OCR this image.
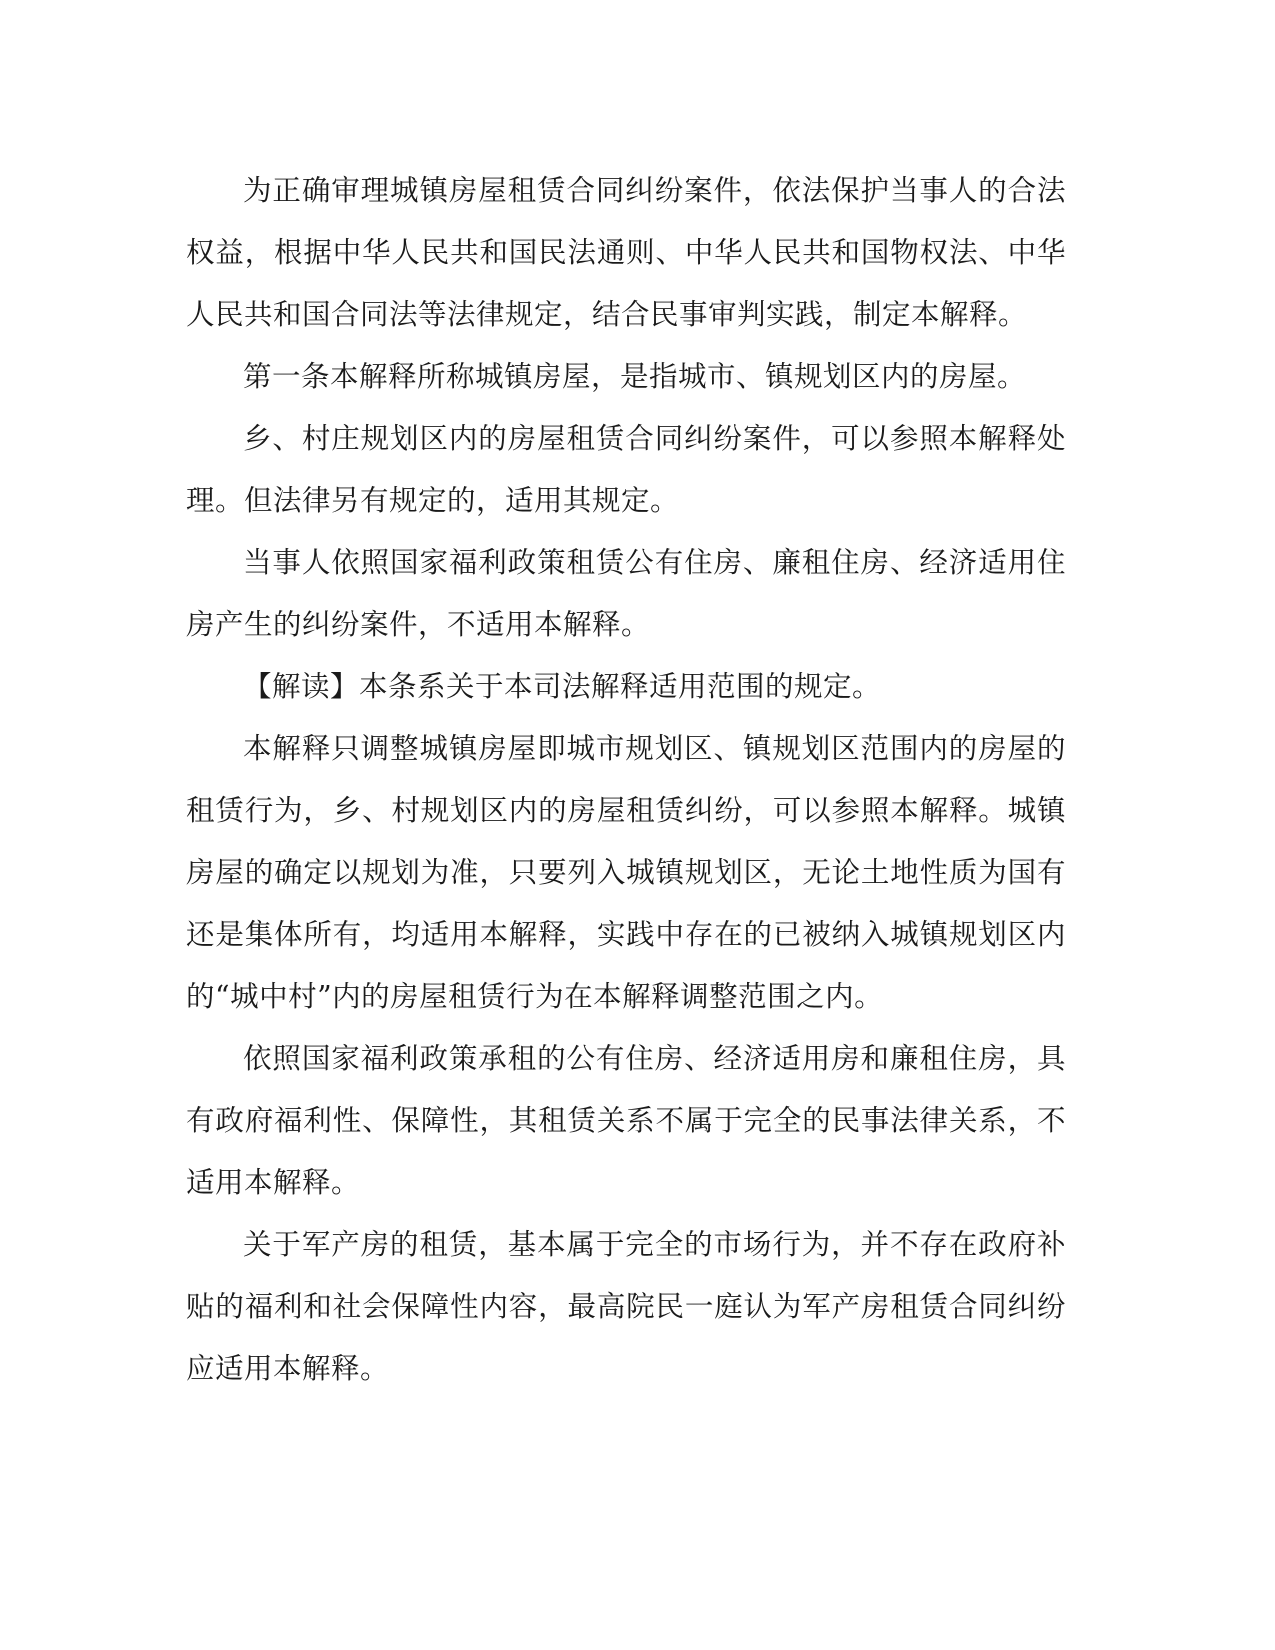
为正确审理城镇房屋租赁合同纠纷案件，依法保护当事人的合法权益，根据中华人民共和国民法通则、中华人民共和国物权法、中华人民共和国合同法等法律规定，结合民事审判实践，制定本解释。

第一条本解释所称城镇房屋，是指城市、镇规划区内的房屋。

乡、村庄规划区内的房屋租赁合同纠纷案件，可以参照本解释处理。但法律另有规定的，适用其规定。

当事人依照国家福利政策租赁公有住房、廉租住房、经济适用住房产生的纠纷案件，不适用本解释。

【解读】本条系关于本司法解释适用范围的规定。

本解释只调整城镇房屋即城市规划区、镇规划区范围内的房屋的租赁行为，乡、村规划区内的房屋租赁纠纷，可以参照本解释。城镇房屋的确定以规划为准，只要列入城镇规划区，无论土地性质为国有还是集体所有，均适用本解释，实践中存在的已被纳入城镇规划区内的“城中村”内的房屋租赁行为在本解释调整范围之内。

依照国家福利政策承租的公有住房、经济适用房和廉租住房，具有政府福利性、保障性，其租赁关系不属于完全的民事法律关系，不适用本解释。

关于军产房的租赁，基本属于完全的市场行为，并不存在政府补贴的福利和社会保障性内容，最高院民一庭认为军产房租赁合同纠纷应适用本解释。
